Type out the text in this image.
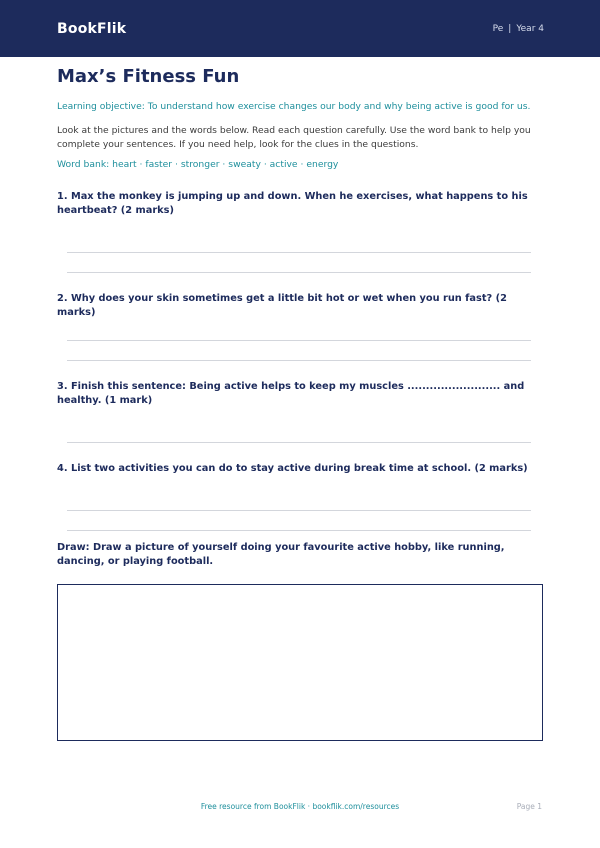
BookFlik	Pe | Year 4
Max’s Fitness Fun
Learning objective: To understand how exercise changes our body and why being active is good for us.
Look at the pictures and the words below. Read each question carefully. Use the word bank to help you complete your sentences. If you need help, look for the clues in the questions.
Word bank: heart · faster · stronger · sweaty · active · energy
1. Max the monkey is jumping up and down. When he exercises, what happens to his heartbeat? (2 marks)
2. Why does your skin sometimes get a little bit hot or wet when you run fast? (2 marks)
3. Finish this sentence: Being active helps to keep my muscles ......................... and healthy. (1 mark)
4. List two activities you can do to stay active during break time at school. (2 marks)
Draw: Draw a picture of yourself doing your favourite active hobby, like running, dancing, or playing football.
Free resource from BookFlik · bookflik.com/resources	Page 1
